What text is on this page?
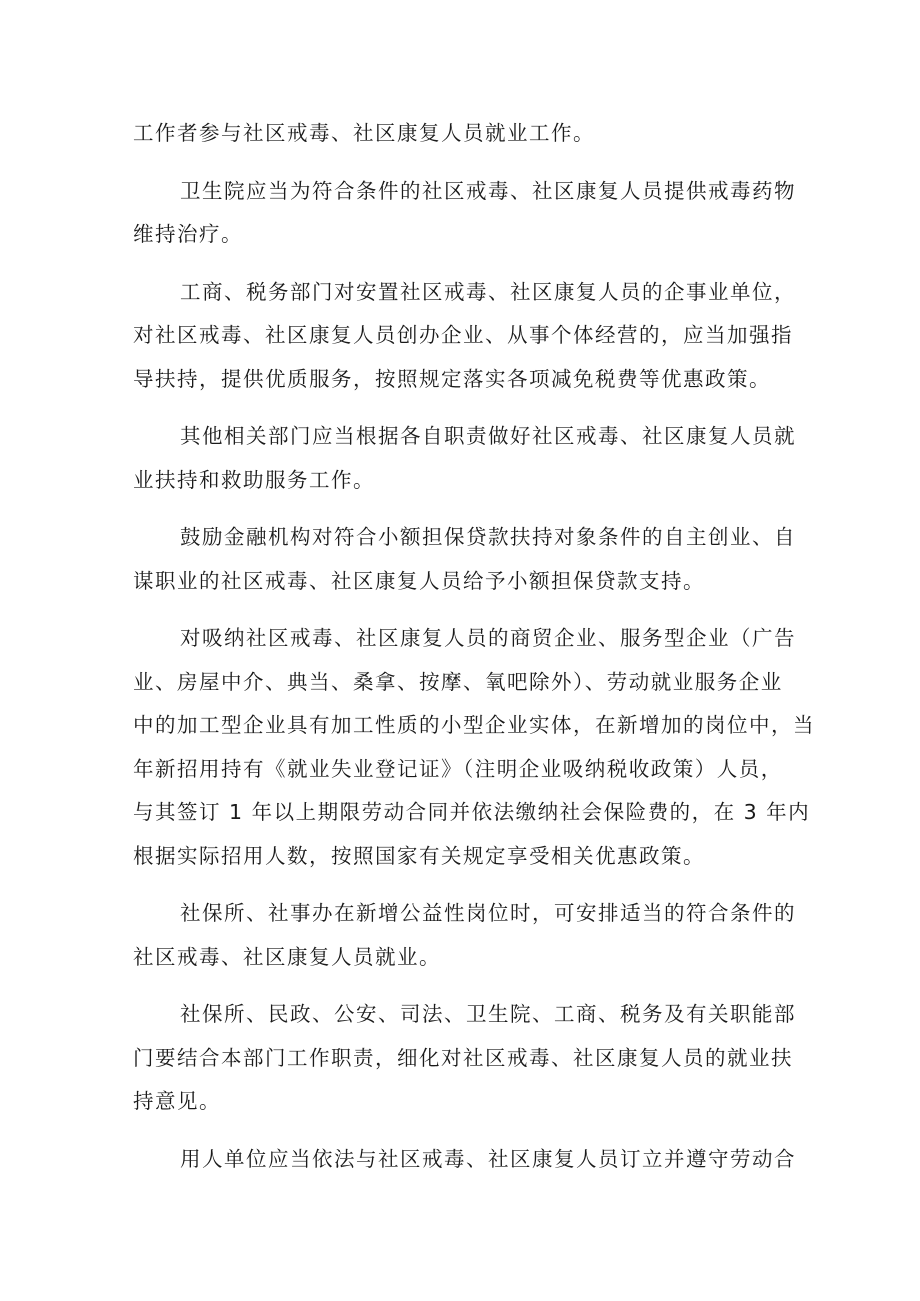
工作者参与社区戒毒、社区康复人员就业工作。
卫生院应当为符合条件的社区戒毒、社区康复人员提供戒毒药物
维持治疗。
工商、税务部门对安置社区戒毒、社区康复人员的企事业单位，
对社区戒毒、社区康复人员创办企业、从事个体经营的，应当加强指
导扶持，提供优质服务，按照规定落实各项减免税费等优惠政策。
其他相关部门应当根据各自职责做好社区戒毒、社区康复人员就
业扶持和救助服务工作。
鼓励金融机构对符合小额担保贷款扶持对象条件的自主创业、自
谋职业的社区戒毒、社区康复人员给予小额担保贷款支持。
对吸纳社区戒毒、社区康复人员的商贸企业、服务型企业（广告
业、房屋中介、典当、桑拿、按摩、氧吧除外）、劳动就业服务企业
中的加工型企业具有加工性质的小型企业实体，在新增加的岗位中，当
年新招用持有《就业失业登记证》（注明企业吸纳税收政策）人员，
与其签订 1 年以上期限劳动合同并依法缴纳社会保险费的，在 3 年内
根据实际招用人数，按照国家有关规定享受相关优惠政策。
社保所、社事办在新增公益性岗位时，可安排适当的符合条件的
社区戒毒、社区康复人员就业。
社保所、民政、公安、司法、卫生院、工商、税务及有关职能部
门要结合本部门工作职责，细化对社区戒毒、社区康复人员的就业扶
持意见。
用人单位应当依法与社区戒毒、社区康复人员订立并遵守劳动合
